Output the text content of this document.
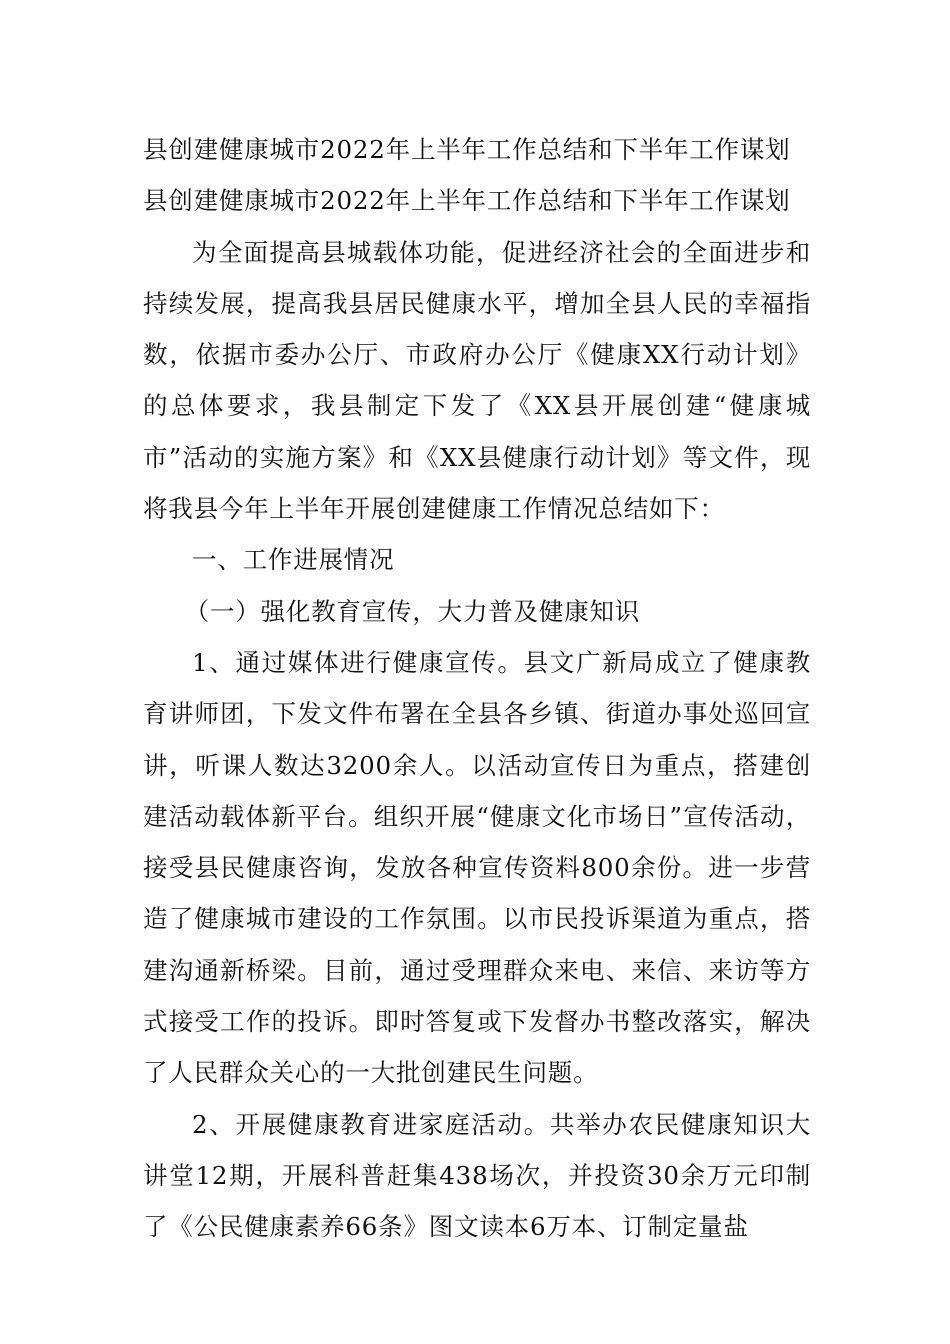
县创建健康城市2022年上半年工作总结和下半年工作谋划

县创建健康城市2022年上半年工作总结和下半年工作谋划

为全面提高县城载体功能，促进经济社会的全面进步和持续发展，提高我县居民健康水平，增加全县人民的幸福指数，依据市委办公厅、市政府办公厅《健康XX行动计划》的总体要求，我县制定下发了《XX县开展创建“健康城市”活动的实施方案》和《XX县健康行动计划》等文件，现将我县今年上半年开展创建健康工作情况总结如下：

一、工作进展情况

（一）强化教育宣传，大力普及健康知识

1、通过媒体进行健康宣传。县文广新局成立了健康教育讲师团，下发文件布署在全县各乡镇、街道办事处巡回宣讲，听课人数达3200余人。以活动宣传日为重点，搭建创建活动载体新平台。组织开展“健康文化市场日”宣传活动，接受县民健康咨询，发放各种宣传资料800余份。进一步营造了健康城市建设的工作氛围。以市民投诉渠道为重点，搭建沟通新桥梁。目前，通过受理群众来电、来信、来访等方式接受工作的投诉。即时答复或下发督办书整改落实，解决了人民群众关心的一大批创建民生问题。

2、开展健康教育进家庭活动。共举办农民健康知识大讲堂12期，开展科普赶集438场次，并投资30余万元印制了《公民健康素养66条》图文读本6万本、订制定量盐
